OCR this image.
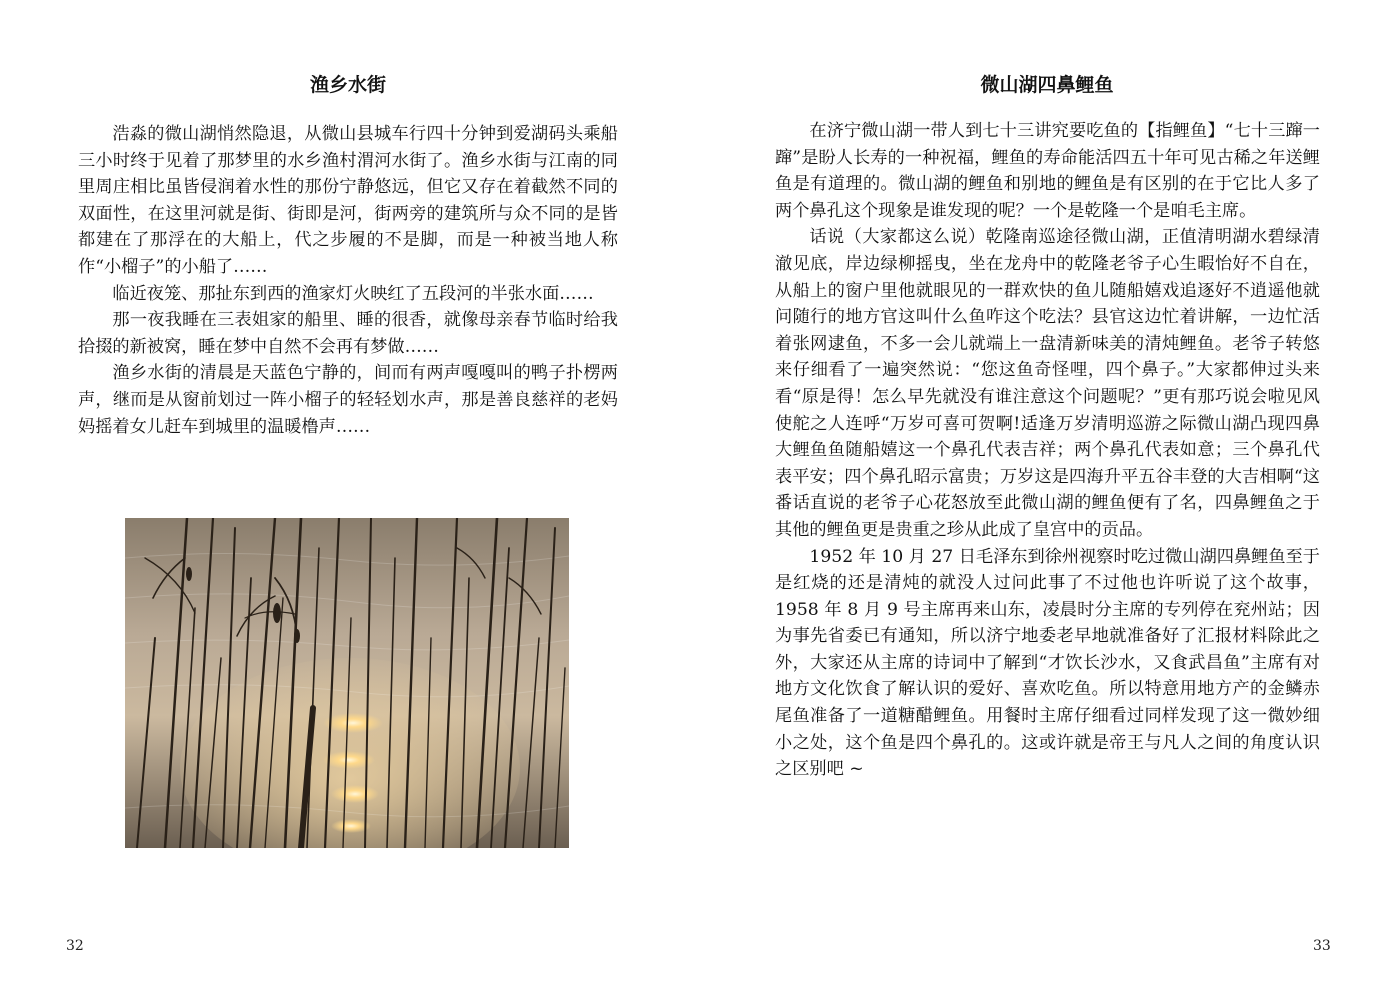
渔乡水街

浩淼的微山湖悄然隐退，从微山县城车行四十分钟到爱湖码头乘船三小时终于见着了那梦里的水乡渔村渭河水街了。渔乡水街与江南的同里周庄相比虽皆侵润着水性的那份宁静悠远，但它又存在着截然不同的双面性，在这里河就是街、街即是河，街两旁的建筑所与众不同的是皆都建在了那浮在的大船上，代之步履的不是脚，而是一种被当地人称作“小榴子”的小船了……

临近夜笼、那扯东到西的渔家灯火映红了五段河的半张水面……

那一夜我睡在三表姐家的船里、睡的很香，就像母亲春节临时给我拾掇的新被窝，睡在梦中自然不会再有梦做……

渔乡水街的清晨是天蓝色宁静的，间而有两声嘎嘎叫的鸭子扑楞两声，继而是从窗前划过一阵小榴子的轻轻划水声，那是善良慈祥的老妈妈摇着女儿赶车到城里的温暖橹声……

32
微山湖四鼻鲤鱼

在济宁微山湖一带人到七十三讲究要吃鱼的【指鲤鱼】“七十三蹿一蹿”是盼人长寿的一种祝福，鲤鱼的寿命能活四五十年可见古稀之年送鲤鱼是有道理的。微山湖的鲤鱼和别地的鲤鱼是有区别的在于它比人多了两个鼻孔这个现象是谁发现的呢？一个是乾隆一个是咱毛主席。

话说（大家都这么说）乾隆南巡途径微山湖，正值清明湖水碧绿清澈见底，岸边绿柳摇曳，坐在龙舟中的乾隆老爷子心生暇怡好不自在，从船上的窗户里他就眼见的一群欢快的鱼儿随船嬉戏追逐好不逍遥他就问随行的地方官这叫什么鱼咋这个吃法？县官这边忙着讲解，一边忙活着张网逮鱼，不多一会儿就端上一盘清新味美的清炖鲤鱼。老爷子转悠来仔细看了一遍突然说：“您这鱼奇怪哩，四个鼻子。”大家都伸过头来看“原是得！怎么早先就没有谁注意这个问题呢？”更有那巧说会啦见风使舵之人连呼“万岁可喜可贺啊!适逢万岁清明巡游之际微山湖凸现四鼻大鲤鱼鱼随船嬉这一个鼻孔代表吉祥；两个鼻孔代表如意；三个鼻孔代表平安；四个鼻孔昭示富贵；万岁这是四海升平五谷丰登的大吉相啊“这番话直说的老爷子心花怒放至此微山湖的鲤鱼便有了名，四鼻鲤鱼之于其他的鲤鱼更是贵重之珍从此成了皇宫中的贡品。

1952 年 10 月 27 日毛泽东到徐州视察时吃过微山湖四鼻鲤鱼至于是红烧的还是清炖的就没人过问此事了不过他也许听说了这个故事，1958 年 8 月 9 号主席再来山东，凌晨时分主席的专列停在兖州站；因为事先省委已有通知，所以济宁地委老早地就准备好了汇报材料除此之外，大家还从主席的诗词中了解到“才饮长沙水，又食武昌鱼”主席有对地方文化饮食了解认识的爱好、喜欢吃鱼。所以特意用地方产的金鳞赤尾鱼准备了一道糖醋鲤鱼。用餐时主席仔细看过同样发现了这一微妙细小之处，这个鱼是四个鼻孔的。这或许就是帝王与凡人之间的角度认识之区别吧 ~

33
